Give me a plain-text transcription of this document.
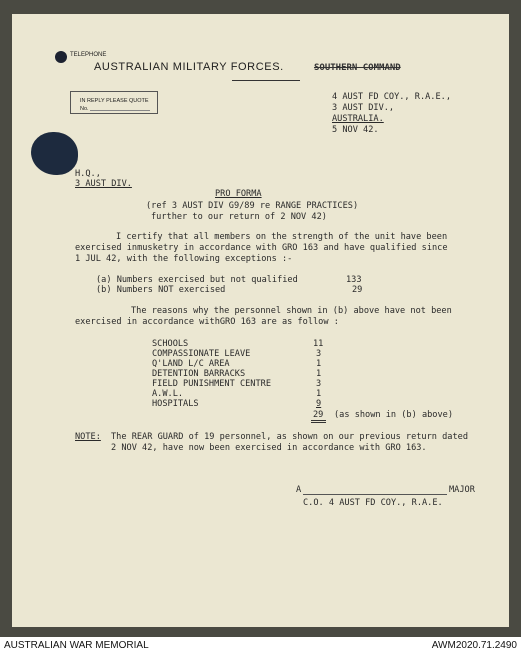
TELEPHONE
AUSTRALIAN MILITARY FORCES.	SOUTHERN COMMAND
IN REPLY PLEASE QUOTE
No.
4 AUST FD COY., R.A.E.,
3 AUST DIV.,
AUSTRALIA.
5 NOV 42.
H.Q.,
3 AUST DIV.
PRO FORMA
(ref 3 AUST DIV G9/89 re RANGE PRACTICES)
further to our return of 2 NOV 42)
I certify that all members on the strength of the unit have been
exercised inmusketry in accordance with GRO 163 and have qualified since
1 JUL 42, with the following exceptions :-
(a) Numbers exercised but not qualified	133
(b) Numbers NOT exercised	29
The reasons why the personnel shown in (b) above have not been
exercised in accordance withGRO 163 are as follow :
SCHOOLS	11
COMPASSIONATE LEAVE	3
Q'LAND L/C AREA	1
DETENTION BARRACKS	1
FIELD PUNISHMENT CENTRE	3
A.W.L.	1
HOSPITALS	9
29 (as shown in (b) above)
NOTE: The REAR GUARD of 19 personnel, as shown on our previous return dated
2 NOV 42, have now been exercised in accordance with GRO 163.
A	MAJOR
C.O. 4 AUST FD COY., R.A.E.
AUSTRALIAN WAR MEMORIAL	AWM2020.71.2490
